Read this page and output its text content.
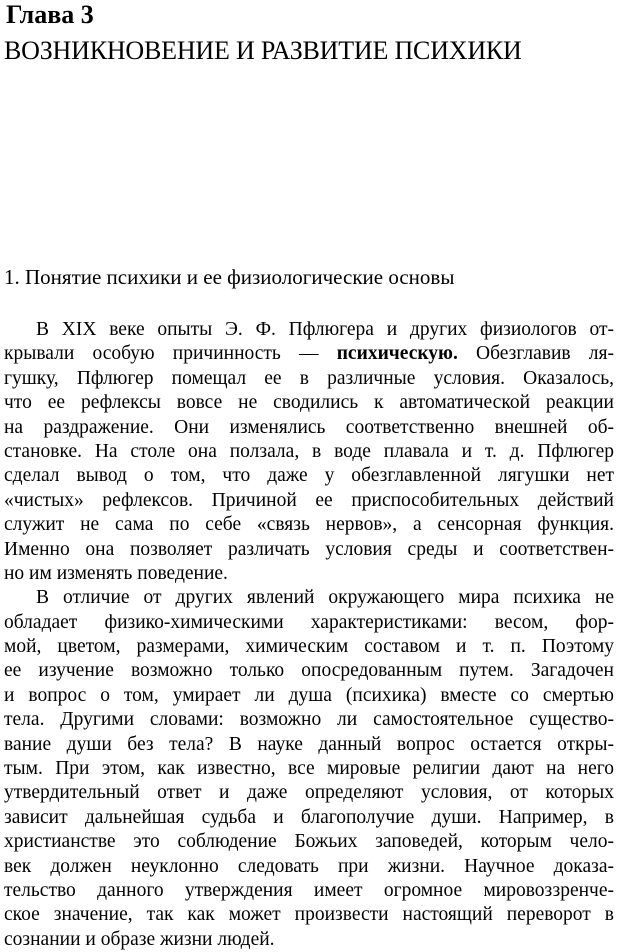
Глава 3
ВОЗНИКНОВЕНИЕ И РАЗВИТИЕ ПСИХИКИ
1. Понятие психики и ее физиологические основы
В XIX веке опыты Э. Ф. Пфлюгера и других физиологов от-
крывали особую причинность — психическую. Обезглавив ля-
гушку, Пфлюгер помещал ее в различные условия. Оказалось,
что ее рефлексы вовсе не сводились к автоматической реакции
на раздражение. Они изменялись соответственно внешней об-
становке. На столе она ползала, в воде плавала и т. д. Пфлюгер
сделал вывод о том, что даже у обезглавленной лягушки нет
«чистых» рефлексов. Причиной ее приспособительных действий
служит не сама по себе «связь нервов», а сенсорная функция.
Именно она позволяет различать условия среды и соответствен-
но им изменять поведение.
В отличие от других явлений окружающего мира психика не
обладает физико-химическими характеристиками: весом, фор-
мой, цветом, размерами, химическим составом и т. п. Поэтому
ее изучение возможно только опосредованным путем. Загадочен
и вопрос о том, умирает ли душа (психика) вместе со смертью
тела. Другими словами: возможно ли самостоятельное существо-
вание души без тела? В науке данный вопрос остается откры-
тым. При этом, как известно, все мировые религии дают на него
утвердительный ответ и даже определяют условия, от которых
зависит дальнейшая судьба и благополучие души. Например, в
христианстве это соблюдение Божьих заповедей, которым чело-
век должен неуклонно следовать при жизни. Научное доказа-
тельство данного утверждения имеет огромное мировоззренче-
ское значение, так как может произвести настоящий переворот в
сознании и образе жизни людей.
